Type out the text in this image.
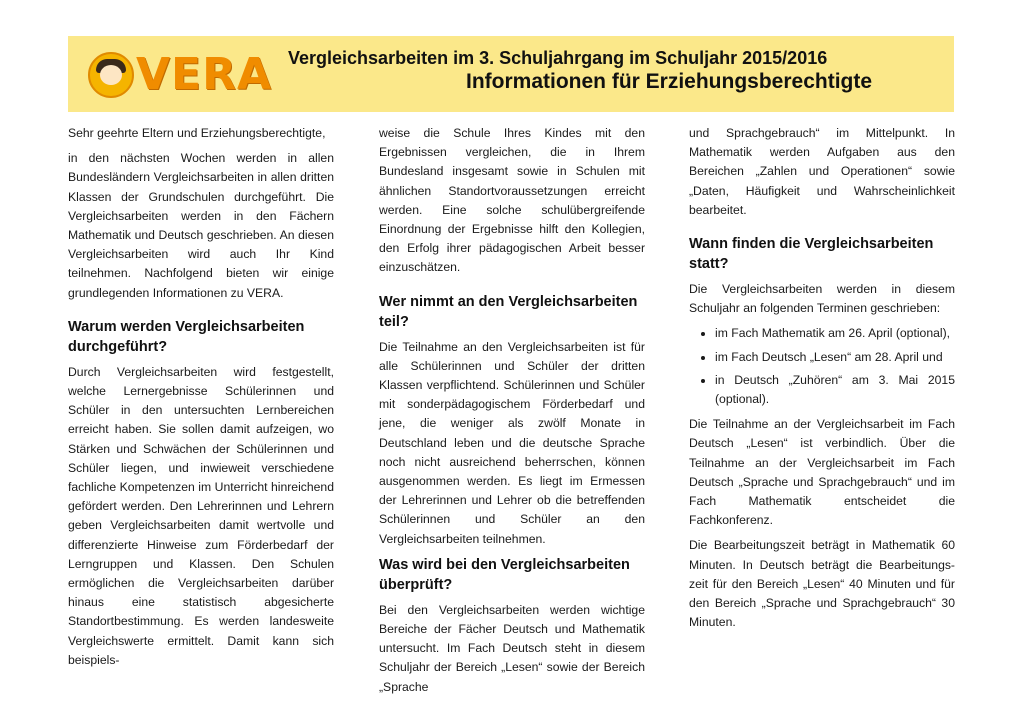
VERA Vergleichsarbeiten im 3. Schuljahrgang im Schuljahr 2015/2016
Informationen für Erziehungsberechtigte

Sehr geehrte Eltern und Erziehungsberechtigte,

in den nächsten Wochen werden in allen Bundesländern Vergleichsarbeiten in allen dritten Klassen der Grundschulen durchgeführt. Die Vergleichsarbeiten werden in den Fächern Mathematik und Deutsch geschrieben. An diesen Vergleichsarbeiten wird auch Ihr Kind teilnehmen. Nachfolgend bieten wir einige grundlegenden Informationen zu VERA.

Warum werden Vergleichsarbeiten durchgeführt?

Durch Vergleichsarbeiten wird festgestellt, welche Lernergebnisse Schülerinnen und Schüler in den untersuchten Lernbereichen erreicht haben. Sie sollen damit aufzeigen, wo Stärken und Schwächen der Schülerinnen und Schüler liegen, und inwieweit verschiedene fachliche Kompetenzen im Unterricht hinreichend gefördert werden. Den Lehrerinnen und Lehrern geben Vergleichsarbeiten damit wertvolle und differenzierte Hinweise zum Förderbedarf der Lerngruppen und Klassen. Den Schulen ermöglichen die Vergleichsarbeiten darüber hinaus eine statistisch abgesicherte Standortbestimmung. Es werden landesweite Vergleichswerte ermittelt. Damit kann sich beispiels-

weise die Schule Ihres Kindes mit den Ergebnissen vergleichen, die in Ihrem Bundesland insgesamt sowie in Schulen mit ähnlichen Standortvoraussetzungen erreicht werden. Eine solche schulübergreifende Einordnung der Ergebnisse hilft den Kollegien, den Erfolg ihrer pädagogischen Arbeit besser einzuschätzen.

Wer nimmt an den Vergleichsarbeiten teil?

Die Teilnahme an den Vergleichsarbeiten ist für alle Schülerinnen und Schüler der dritten Klassen verpflichtend. Schülerinnen und Schüler mit sonderpädagogischem Förderbedarf und jene, die weniger als zwölf Monate in Deutschland leben und die deutsche Sprache noch nicht ausreichend beherrschen, können ausgenommen werden. Es liegt im Ermessen der Lehrerinnen und Lehrer ob die betreffenden Schülerinnen und Schüler an den Vergleichsarbeiten teilnehmen.

Was wird bei den Vergleichsarbeiten überprüft?

Bei den Vergleichsarbeiten werden wichtige Bereiche der Fächer Deutsch und Mathematik untersucht. Im Fach Deutsch steht in diesem Schuljahr der Bereich „Lesen“ sowie der Bereich „Sprache

und Sprachgebrauch“ im Mittelpunkt. In Mathematik werden Aufgaben aus den Bereichen „Zahlen und Operationen“ sowie „Daten, Häufigkeit und Wahrscheinlichkeit bearbeitet.

Wann finden die Vergleichsarbeiten statt?

Die Vergleichsarbeiten werden in diesem Schuljahr an folgenden Terminen geschrieben:

• im Fach Mathematik am 26. April (optional),
• im Fach Deutsch „Lesen“ am 28. April und
• in Deutsch „Zuhören“ am 3. Mai 2015 (optional).

Die Teilnahme an der Vergleichsarbeit im Fach Deutsch „Lesen“ ist verbindlich. Über die Teilnahme an der Vergleichsarbeit im Fach Deutsch „Sprache und Sprachgebrauch“ und im Fach Mathematik entscheidet die Fachkonferenz.

Die Bearbeitungszeit beträgt in Mathematik 60 Minuten. In Deutsch beträgt die Bearbeitungs-zeit für den Bereich „Lesen“ 40 Minuten und für den Bereich „Sprache und Sprachgebrauch“ 30 Minuten.
